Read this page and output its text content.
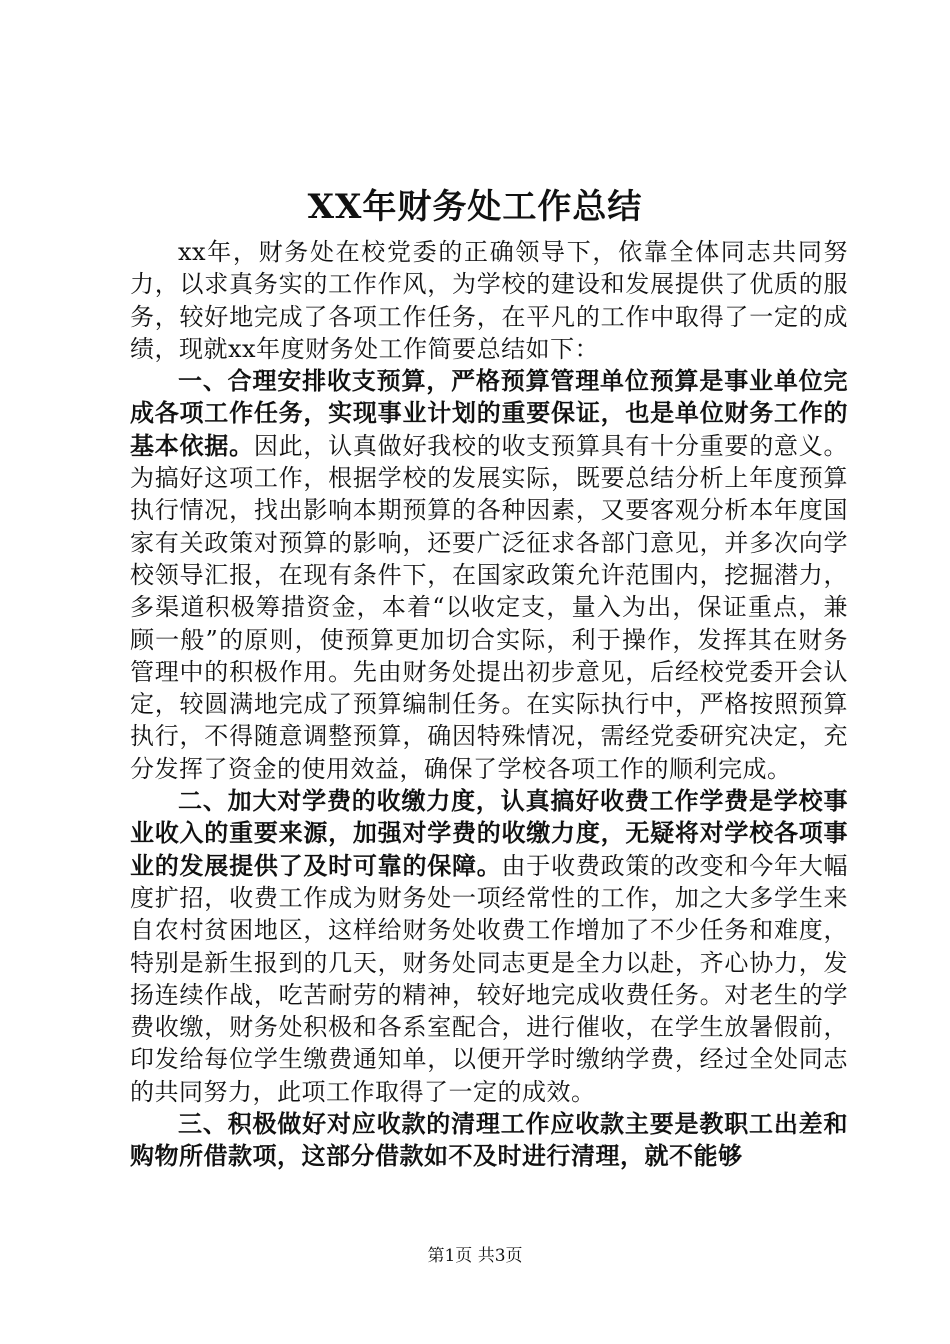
XX年财务处工作总结

xx年，财务处在校党委的正确领导下，依靠全体同志共同努力，以求真务实的工作作风，为学校的建设和发展提供了优质的服务，较好地完成了各项工作任务，在平凡的工作中取得了一定的成绩，现就xx年度财务处工作简要总结如下：

一、合理安排收支预算，严格预算管理单位预算是事业单位完成各项工作任务，实现事业计划的重要保证，也是单位财务工作的基本依据。因此，认真做好我校的收支预算具有十分重要的意义。为搞好这项工作，根据学校的发展实际，既要总结分析上年度预算执行情况，找出影响本期预算的各种因素，又要客观分析本年度国家有关政策对预算的影响，还要广泛征求各部门意见，并多次向学校领导汇报，在现有条件下，在国家政策允许范围内，挖掘潜力，多渠道积极筹措资金，本着“以收定支，量入为出，保证重点，兼顾一般”的原则，使预算更加切合实际，利于操作，发挥其在财务管理中的积极作用。先由财务处提出初步意见，后经校党委开会认定，较圆满地完成了预算编制任务。在实际执行中，严格按照预算执行，不得随意调整预算，确因特殊情况，需经党委研究决定，充分发挥了资金的使用效益，确保了学校各项工作的顺利完成。

二、加大对学费的收缴力度，认真搞好收费工作学费是学校事业收入的重要来源，加强对学费的收缴力度，无疑将对学校各项事业的发展提供了及时可靠的保障。由于收费政策的改变和今年大幅度扩招，收费工作成为财务处一项经常性的工作，加之大多学生来自农村贫困地区，这样给财务处收费工作增加了不少任务和难度，特别是新生报到的几天，财务处同志更是全力以赴，齐心协力，发扬连续作战，吃苦耐劳的精神，较好地完成收费任务。对老生的学费收缴，财务处积极和各系室配合，进行催收，在学生放暑假前，印发给每位学生缴费通知单，以便开学时缴纳学费，经过全处同志的共同努力，此项工作取得了一定的成效。

三、积极做好对应收款的清理工作应收款主要是教职工出差和购物所借款项，这部分借款如不及时进行清理，就不能够

第1页 共3页
